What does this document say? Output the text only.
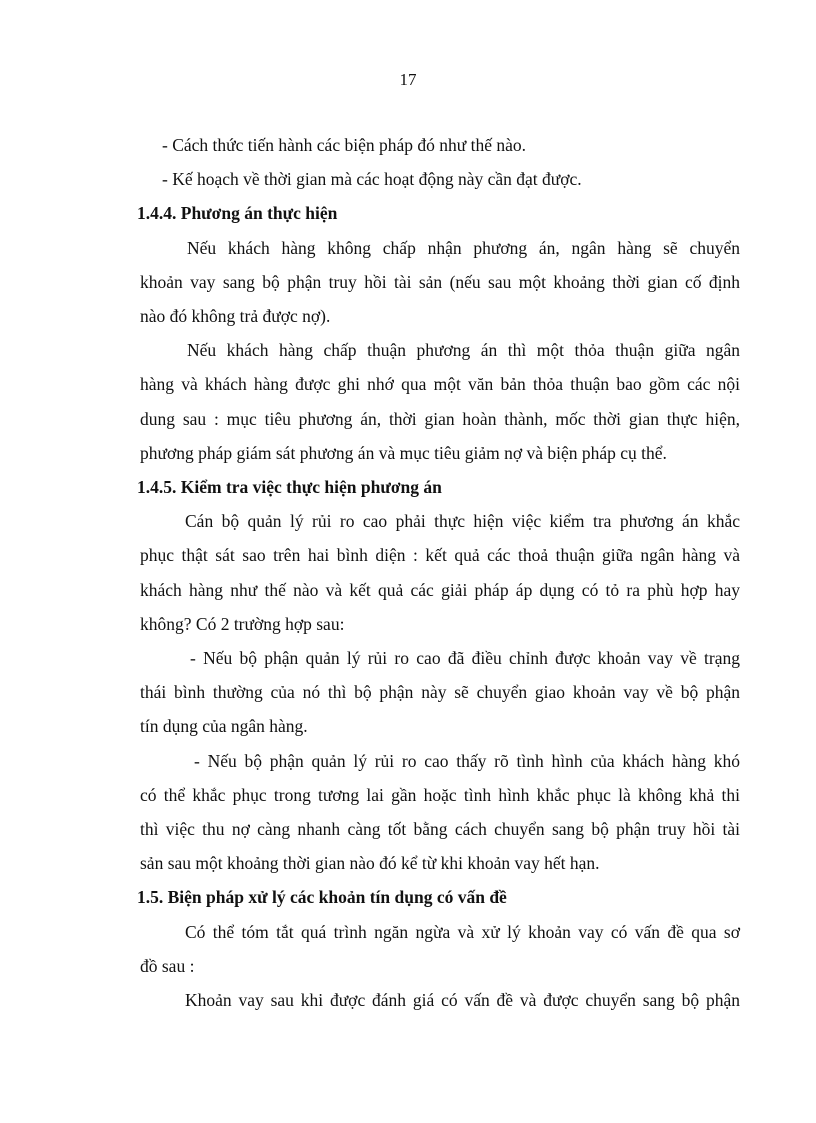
17
- Cách thức tiến hành các biện pháp đó như thế nào.
- Kế hoạch về thời gian mà các hoạt động này cần đạt được.
1.4.4. Phương án thực hiện
Nếu khách hàng không chấp nhận phương án, ngân hàng sẽ chuyển
khoản vay sang bộ phận truy hồi tài sản (nếu sau một khoảng thời gian cố định
nào đó không trả được nợ).
Nếu khách hàng chấp thuận phương án thì một thỏa thuận giữa ngân
hàng và khách hàng được ghi nhớ qua một văn bản thỏa thuận bao gồm các nội
dung sau : mục tiêu phương án, thời gian hoàn thành, mốc thời gian thực hiện,
phương pháp giám sát phương án và mục tiêu giảm nợ và biện pháp cụ thể.
1.4.5. Kiểm tra việc thực hiện phương án
Cán bộ quản lý rủi ro cao phải thực hiện việc kiểm tra phương án khắc
phục thật sát sao trên hai bình diện : kết quả các thoả thuận giữa ngân hàng và
khách hàng như thế nào và kết quả các giải pháp áp dụng có tỏ ra phù hợp hay
không? Có 2 trường hợp sau:
- Nếu bộ phận quản lý rủi ro cao đã điều chỉnh được khoản vay về trạng
thái bình thường của nó thì bộ phận này sẽ chuyển giao khoản vay về bộ phận
tín dụng của ngân hàng.
- Nếu bộ phận quản lý rủi ro cao thấy rõ tình hình của khách hàng khó
có thể khắc phục trong tương lai gần hoặc tình hình khắc phục là không khả thi
thì việc thu nợ càng nhanh càng tốt bằng cách chuyển sang bộ phận truy hồi tài
sản sau một khoảng thời gian nào đó kể từ khi khoản vay hết hạn.
1.5. Biện pháp xử lý các khoản tín dụng có vấn đề
Có thể tóm tắt quá trình ngăn ngừa và xử lý khoản vay có vấn đề qua sơ
đồ sau :
Khoản vay sau khi được đánh giá có vấn đề và được chuyển sang bộ phận
